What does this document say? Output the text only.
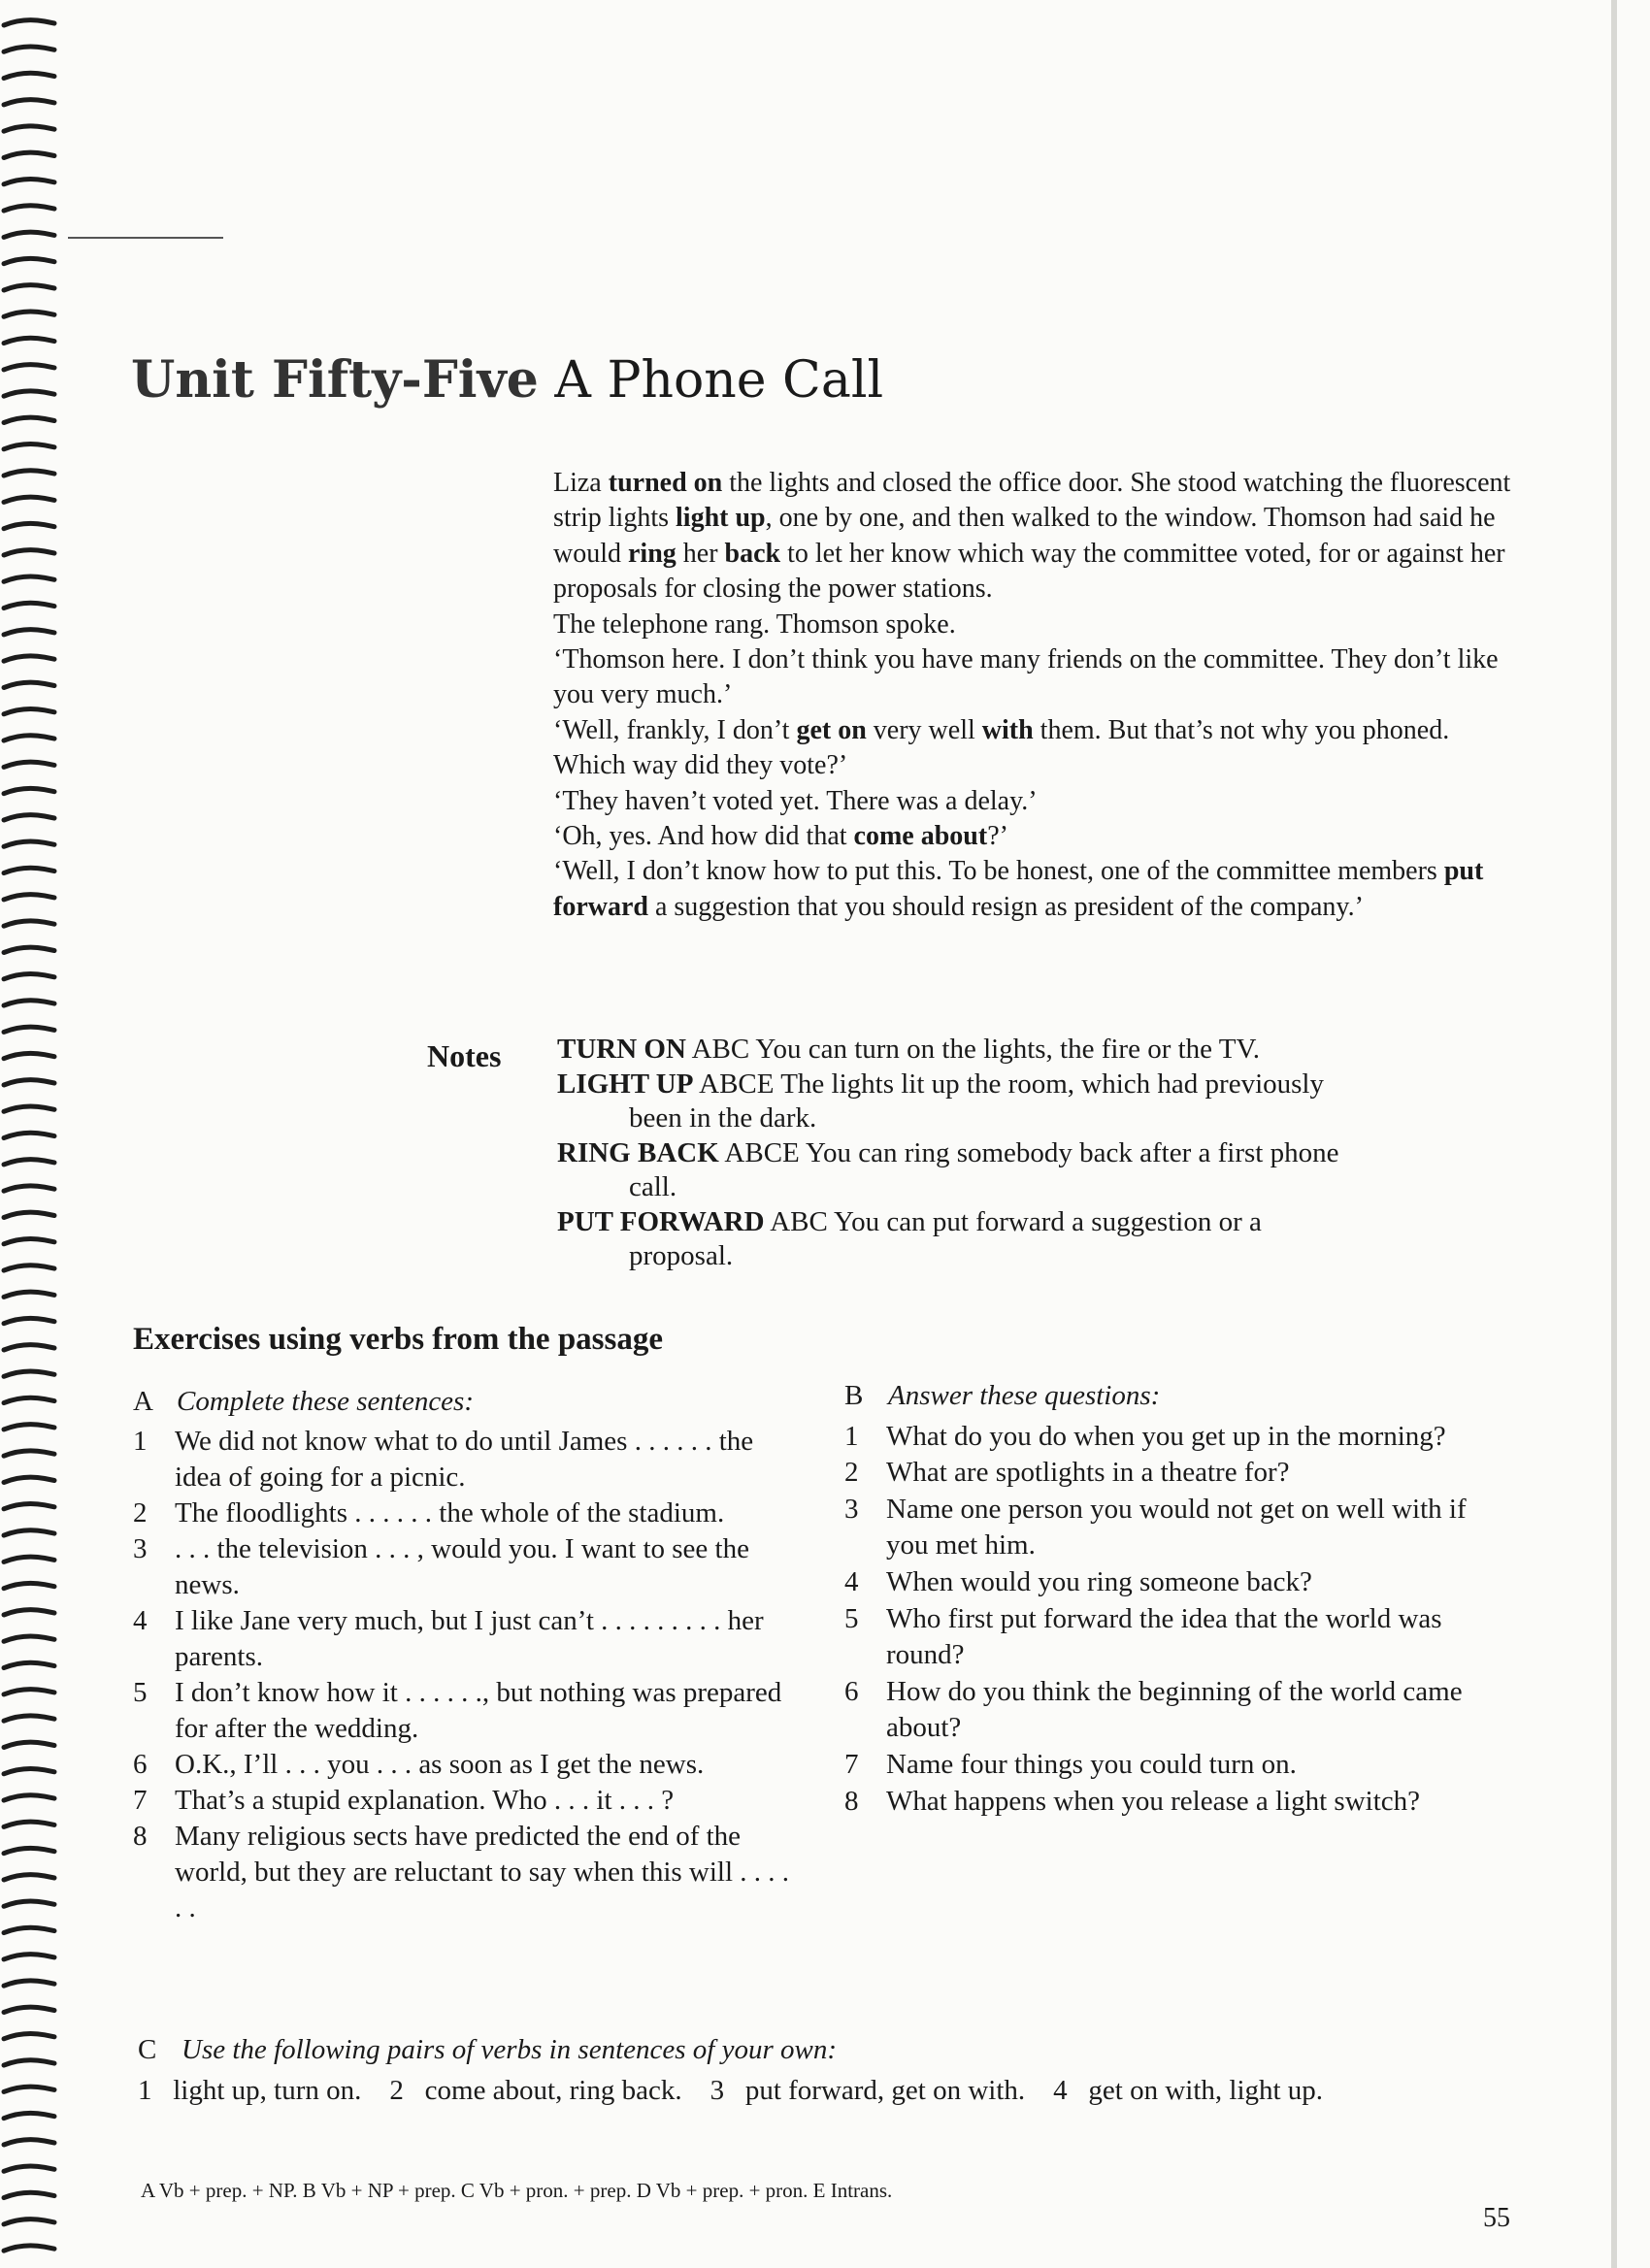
Unit Fifty-Five A Phone Call
Liza turned on the lights and closed the office door. She stood watching the fluorescent strip lights light up, one by one, and then walked to the window. Thomson had said he would ring her back to let her know which way the committee voted, for or against her proposals for closing the power stations.
The telephone rang. Thomson spoke.
‘Thomson here. I don’t think you have many friends on the committee. They don’t like you very much.’
‘Well, frankly, I don’t get on very well with them. But that’s not why you phoned. Which way did they vote?’
‘They haven’t voted yet. There was a delay.’
‘Oh, yes. And how did that come about?’
‘Well, I don’t know how to put this. To be honest, one of the committee members put forward a suggestion that you should resign as president of the company.’
Notes TURN ON ABC You can turn on the lights, the fire or the TV.
LIGHT UP ABCE The lights lit up the room, which had previously
been in the dark.
RING BACK ABCE You can ring somebody back after a first phone
call.
PUT FORWARD ABC You can put forward a suggestion or a
proposal.
Exercises using verbs from the passage
A Complete these sentences:
1 We did not know what to do until James . . . . . . the idea of going for a picnic.
2 The floodlights . . . . . . the whole of the stadium.
3 . . . the television . . . , would you. I want to see the news.
4 I like Jane very much, but I just can’t . . . . . . . . . her parents.
5 I don’t know how it . . . . . ., but nothing was prepared for after the wedding.
6 O.K., I’ll . . . you . . . as soon as I get the news.
7 That’s a stupid explanation. Who . . . it . . . ?
8 Many religious sects have predicted the end of the world, but they are reluctant to say when this will . . . . . .
B Answer these questions:
1 What do you do when you get up in the morning?
2 What are spotlights in a theatre for?
3 Name one person you would not get on well with if you met him.
4 When would you ring someone back?
5 Who first put forward the idea that the world was round?
6 How do you think the beginning of the world came about?
7 Name four things you could turn on.
8 What happens when you release a light switch?
C Use the following pairs of verbs in sentences of your own:
1   light up, turn on.    2   come about, ring back.    3   put forward, get on with.    4   get on with, light up.
A Vb + prep. + NP. B Vb + NP + prep. C Vb + pron. + prep. D Vb + prep. + pron. E Intrans.
55
